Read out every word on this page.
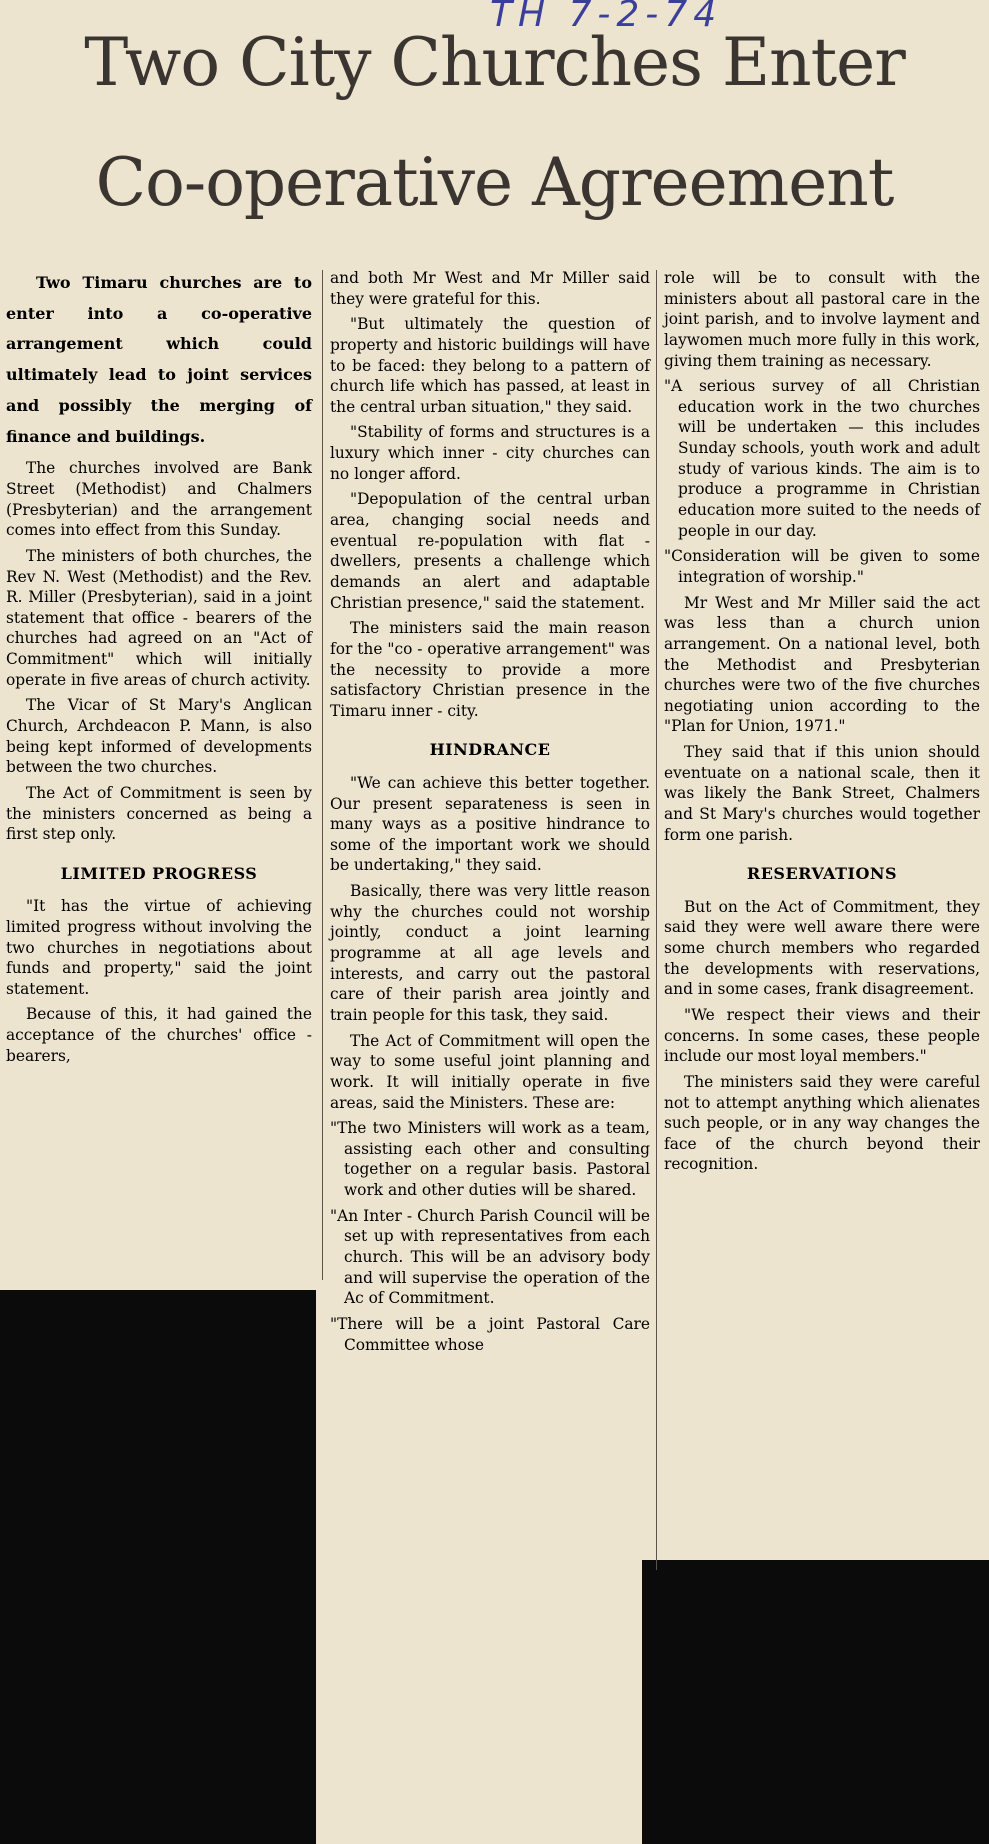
TH 7-2-74
Two City Churches Enter
Co-operative Agreement

Two Timaru churches are to enter into a co-operative arrangement which could ultimately lead to joint services and possibly the merging of finance and buildings.

The churches involved are Bank Street (Methodist) and Chalmers (Presbyterian) and the arrangement comes into effect from this Sunday.

The ministers of both churches, the Rev N. West (Methodist) and the Rev. R. Miller (Presbyterian), said in a joint statement that office - bearers of the churches had agreed on an "Act of Commitment" which will initially operate in five areas of church activity.

The Vicar of St Mary's Anglican Church, Archdeacon P. Mann, is also being kept informed of developments between the two churches.

The Act of Commitment is seen by the ministers concerned as being a first step only.

LIMITED PROGRESS

"It has the virtue of achieving limited progress without involving the two churches in negotiations about funds and property," said the joint statement.

Because of this, it had gained the acceptance of the churches' office - bearers,

and both Mr West and Mr Miller said they were grateful for this.

"But ultimately the question of property and historic buildings will have to be faced: they belong to a pattern of church life which has passed, at least in the central urban situation," they said.

"Stability of forms and structures is a luxury which inner - city churches can no longer afford.

"Depopulation of the central urban area, changing social needs and eventual re-population with flat - dwellers, presents a challenge which demands an alert and adaptable Christian presence," said the statement.

The ministers said the main reason for the "co - operative arrangement" was the necessity to provide a more satisfactory Christian presence in the Timaru inner - city.

HINDRANCE

"We can achieve this better together. Our present separateness is seen in many ways as a positive hindrance to some of the important work we should be undertaking," they said.

Basically, there was very little reason why the churches could not worship jointly, conduct a joint learning programme at all age levels and interests, and carry out the pastoral care of their parish area jointly and train people for this task, they said.

The Act of Commitment will open the way to some useful joint planning and work. It will initially operate in five areas, said the Ministers. These are:

"The two Ministers will work as a team, assisting each other and consulting together on a regular basis. Pastoral work and other duties will be shared.

"An Inter - Church Parish Council will be set up with representatives from each church. This will be an advisory body and will supervise the operation of the Ac of Commitment.

"There will be a joint Pastoral Care Committee whose

role will be to consult with the ministers about all pastoral care in the joint parish, and to involve layment and laywomen much more fully in this work, giving them training as necessary.

"A serious survey of all Christian education work in the two churches will be undertaken — this includes Sunday schools, youth work and adult study of various kinds. The aim is to produce a programme in Christian education more suited to the needs of people in our day.

"Consideration will be given to some integration of worship."

Mr West and Mr Miller said the act was less than a church union arrangement. On a national level, both the Methodist and Presbyterian churches were two of the five churches negotiating union according to the "Plan for Union, 1971."

They said that if this union should eventuate on a national scale, then it was likely the Bank Street, Chalmers and St Mary's churches would together form one parish.

RESERVATIONS

But on the Act of Commitment, they said they were well aware there were some church members who regarded the developments with reservations, and in some cases, frank disagreement.

"We respect their views and their concerns. In some cases, these people include our most loyal members."

The ministers said they were careful not to attempt anything which alienates such people, or in any way changes the face of the church beyond their recognition.
